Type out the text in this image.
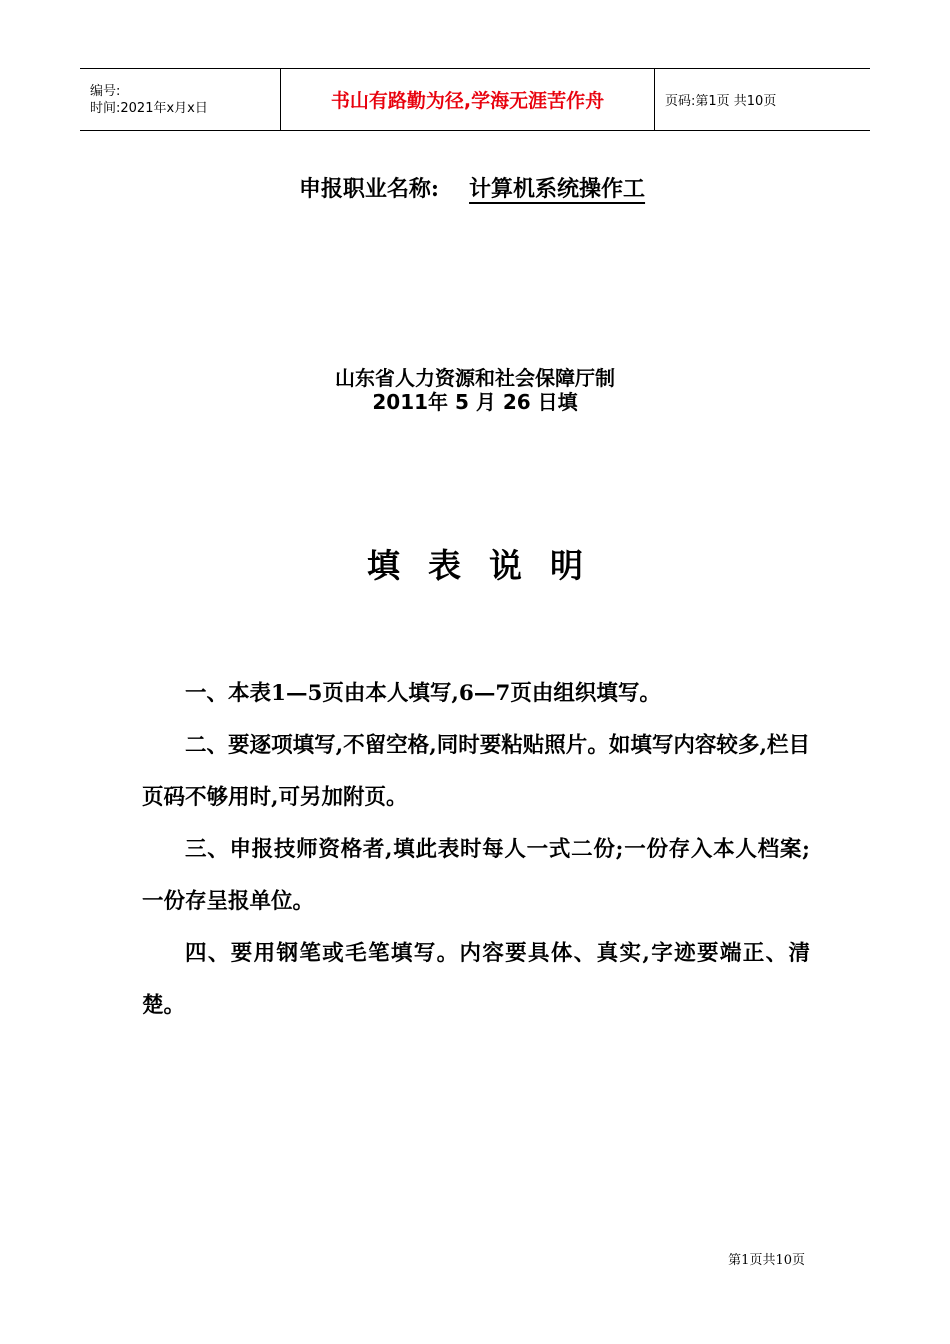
编号:
时间:2021年x月x日	书山有路勤为径,学海无涯苦作舟	页码:第1页 共10页
申报职业名称: 计算机系统操作工
山东省人力资源和社会保障厅制
2011年 5 月 26 日填
填表说明

一、本表1—5页由本人填写,6—7页由组织填写。

二、要逐项填写,不留空格,同时要粘贴照片。如填写内容较多,栏目页码不够用时,可另加附页。

三、申报技师资格者,填此表时每人一式二份;一份存入本人档案;一份存呈报单位。

四、要用钢笔或毛笔填写。内容要具体、真实,字迹要端正、清楚。

第1页共10页
